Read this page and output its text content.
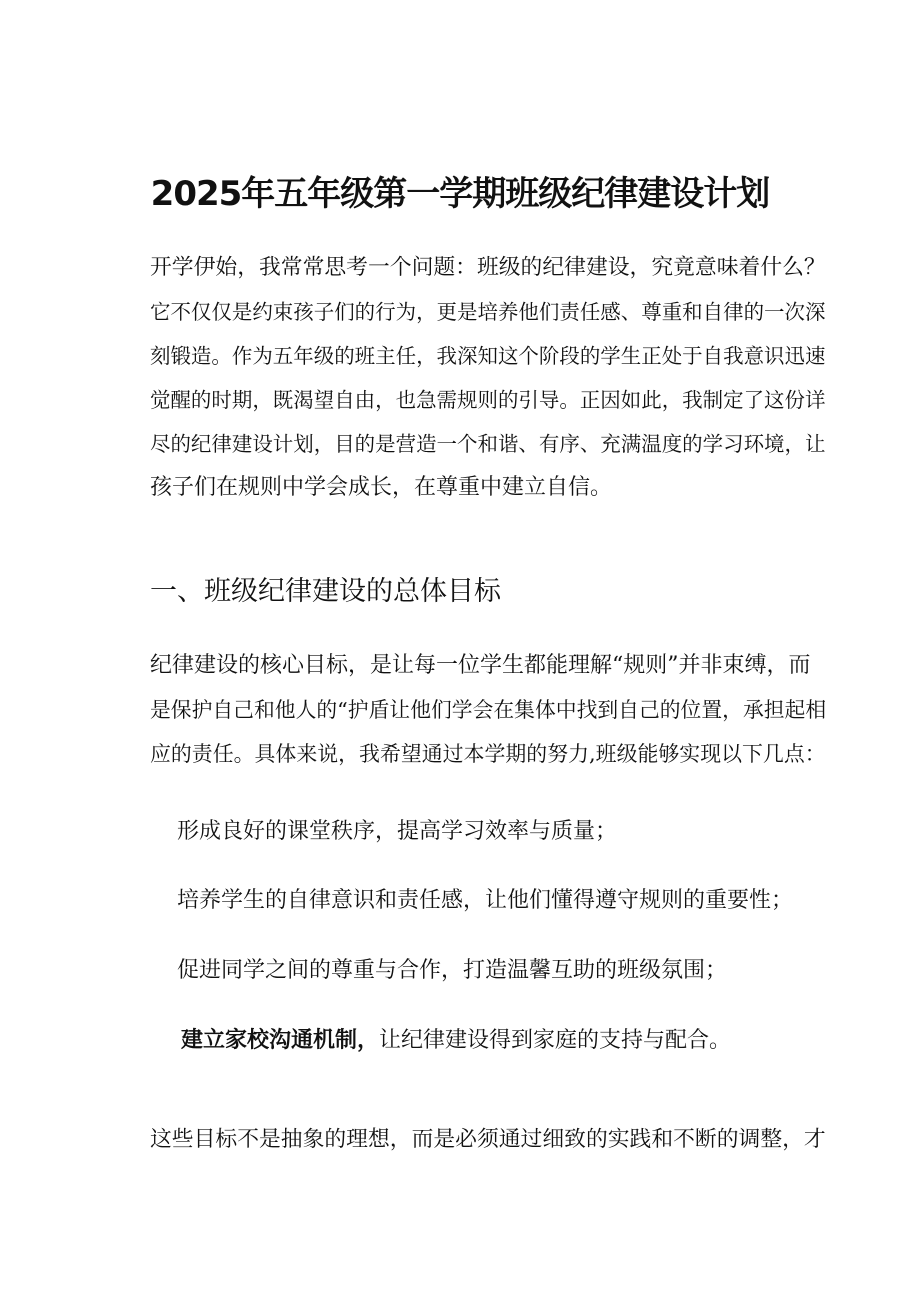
2025年五年级第一学期班级纪律建设计划
开学伊始，我常常思考一个问题：班级的纪律建设，究竟意味着什么？
它不仅仅是约束孩子们的行为，更是培养他们责任感、尊重和自律的一次深
刻锻造。作为五年级的班主任，我深知这个阶段的学生正处于自我意识迅速
觉醒的时期，既渴望自由，也急需规则的引导。正因如此，我制定了这份详
尽的纪律建设计划，目的是营造一个和谐、有序、充满温度的学习环境，让
孩子们在规则中学会成长，在尊重中建立自信。
一、班级纪律建设的总体目标
纪律建设的核心目标，是让每一位学生都能理解“规则”并非束缚，而
是保护自己和他人的“护盾让他们学会在集体中找到自己的位置，承担起相
应的责任。具体来说，我希望通过本学期的努力,班级能够实现以下几点：
形成良好的课堂秩序，提高学习效率与质量；
培养学生的自律意识和责任感，让他们懂得遵守规则的重要性；
促进同学之间的尊重与合作，打造温馨互助的班级氛围；
建立家校沟通机制，让纪律建设得到家庭的支持与配合。
这些目标不是抽象的理想，而是必须通过细致的实践和不断的调整，才
